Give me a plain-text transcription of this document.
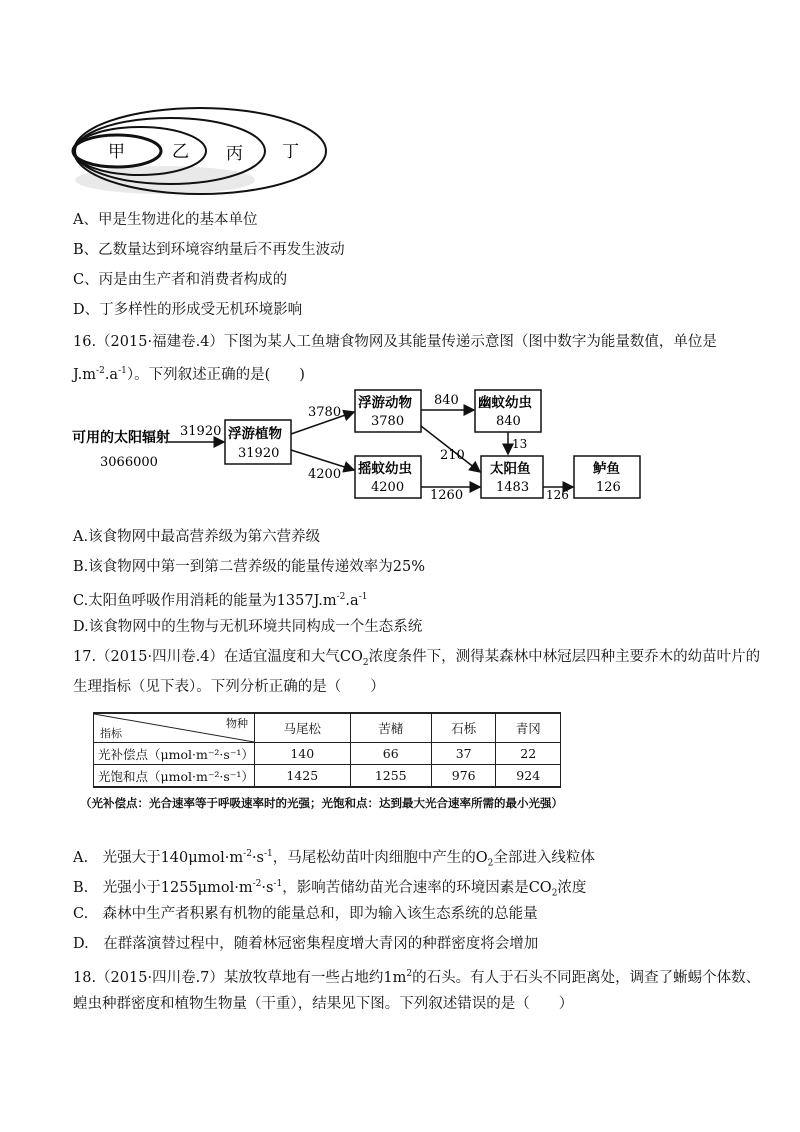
甲	乙 丙 丁
A、甲是生物进化的基本单位
B、乙数量达到环境容纳量后不再发生波动
C、丙是由生产者和消费者构成的
D、丁多样性的形成受无机环境影响
16.（2015·福建卷.4）下图为某人工鱼塘食物网及其能量传递示意图（图中数字为能量数值，单位是
$J.m^{-2}.a^{-1}$）。下列叙述正确的是(　　)
可用的太阳辐射
3066000
31920 浮游植物
31920
3780
4200
浮游动物
3780
摇蚊幼虫
4200
840 幽蚊幼虫
840
210
13
1260
太阳鱼
1483 126
鲈鱼
126
A.该食物网中最高营养级为第六营养级
B.该食物网中第一到第二营养级的能量传递效率为25%
C.太阳鱼呼吸作用消耗的能量为$1357J.m^{-2}.a^{-1}$
D.该食物网中的生物与无机环境共同构成一个生态系统
17.（2015·四川卷.4）在适宜温度和大气$CO_2$浓度条件下，测得某森林中林冠层四种主要乔木的幼苗叶片的
生理指标（见下表）。下列分析正确的是（　　）
物种
指标	马尾松	苦槠	石栎	青冈
光补偿点（μmol·m⁻²·s⁻¹）	140	66	37	22
光饱和点（μmol·m⁻²·s⁻¹）	1425	1255	976	924
（光补偿点：光合速率等于呼吸速率时的光强；光饱和点：达到最大光合速率所需的最小光强）
A.　光强大于$140\mu mol\cdot m^{-2}\cdot s^{-1}$，马尾松幼苗叶肉细胞中产生的$O_2$全部进入线粒体
B.　光强小于$1255\mu mol\cdot m^{-2}\cdot s^{-1}$，影响苦储幼苗光合速率的环境因素是$CO_2$浓度
C.　森林中生产者积累有机物的能量总和，即为输入该生态系统的总能量
D.　在群落演替过程中，随着林冠密集程度增大青冈的种群密度将会增加
18.（2015·四川卷.7）某放牧草地有一些占地约$1m^2$的石头。有人于石头不同距离处，调查了蜥蜴个体数、
蝗虫种群密度和植物生物量（干重），结果见下图。下列叙述错误的是（　　）
